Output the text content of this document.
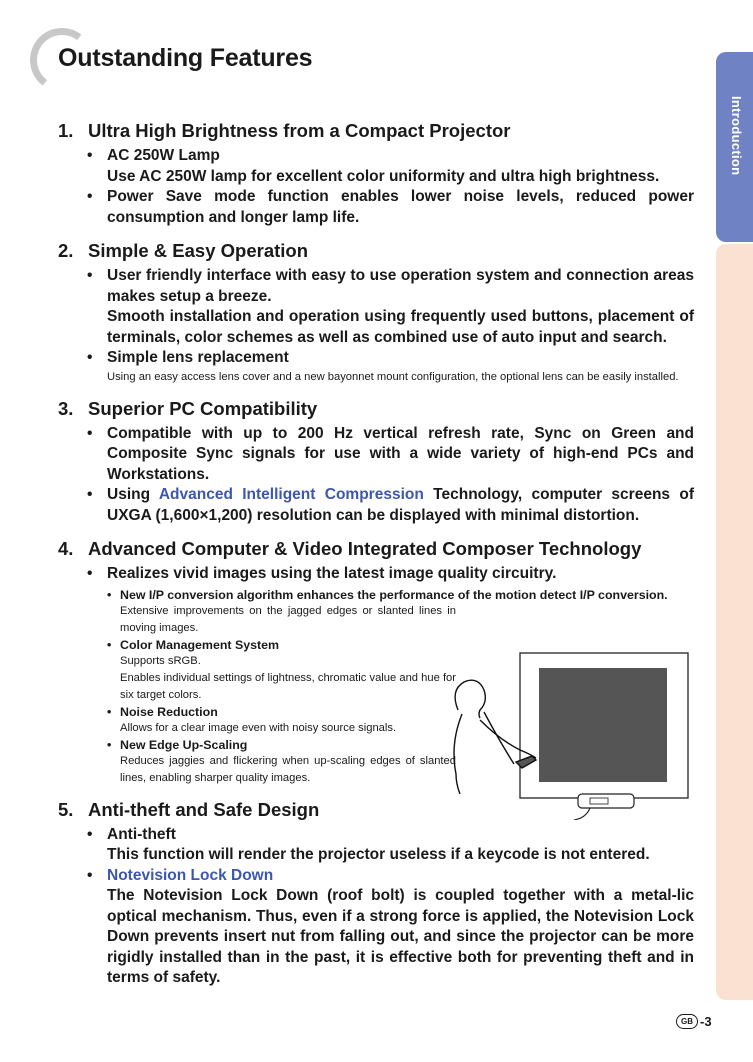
Outstanding Features
Introduction
1. Ultra High Brightness from a Compact Projector
• AC 250W Lamp
Use AC 250W lamp for excellent color uniformity and ultra high brightness.
• Power Save mode function enables lower noise levels, reduced power consumption and longer lamp life.
2. Simple & Easy Operation
• User friendly interface with easy to use operation system and connection areas makes setup a breeze.
Smooth installation and operation using frequently used buttons, placement of terminals, color schemes as well as combined use of auto input and search.
• Simple lens replacement
Using an easy access lens cover and a new bayonnet mount configuration, the optional lens can be easily installed.
3. Superior PC Compatibility
• Compatible with up to 200 Hz vertical refresh rate, Sync on Green and Composite Sync signals for use with a wide variety of high-end PCs and Workstations.
• Using Advanced Intelligent Compression Technology, computer screens of UXGA (1,600×1,200) resolution can be displayed with minimal distortion.
4. Advanced Computer & Video Integrated Composer Technology
• Realizes vivid images using the latest image quality circuitry.
• New I/P conversion algorithm enhances the performance of the motion detect I/P conversion.
Extensive improvements on the jagged edges or slanted lines in moving images.
• Color Management System
Supports sRGB.
Enables individual settings of lightness, chromatic value and hue for six target colors.
• Noise Reduction
Allows for a clear image even with noisy source signals.
• New Edge Up-Scaling
Reduces jaggies and flickering when up-scaling edges of slanted lines, enabling sharper quality images.
5. Anti-theft and Safe Design
• Anti-theft
This function will render the projector useless if a keycode is not entered.
• Notevision Lock Down
The Notevision Lock Down (roof bolt) is coupled together with a metal-lic optical mechanism. Thus, even if a strong force is applied, the Notevision Lock Down prevents insert nut from falling out, and since the projector can be more rigidly installed than in the past, it is effective both for preventing theft and in terms of safety.
GB -3
